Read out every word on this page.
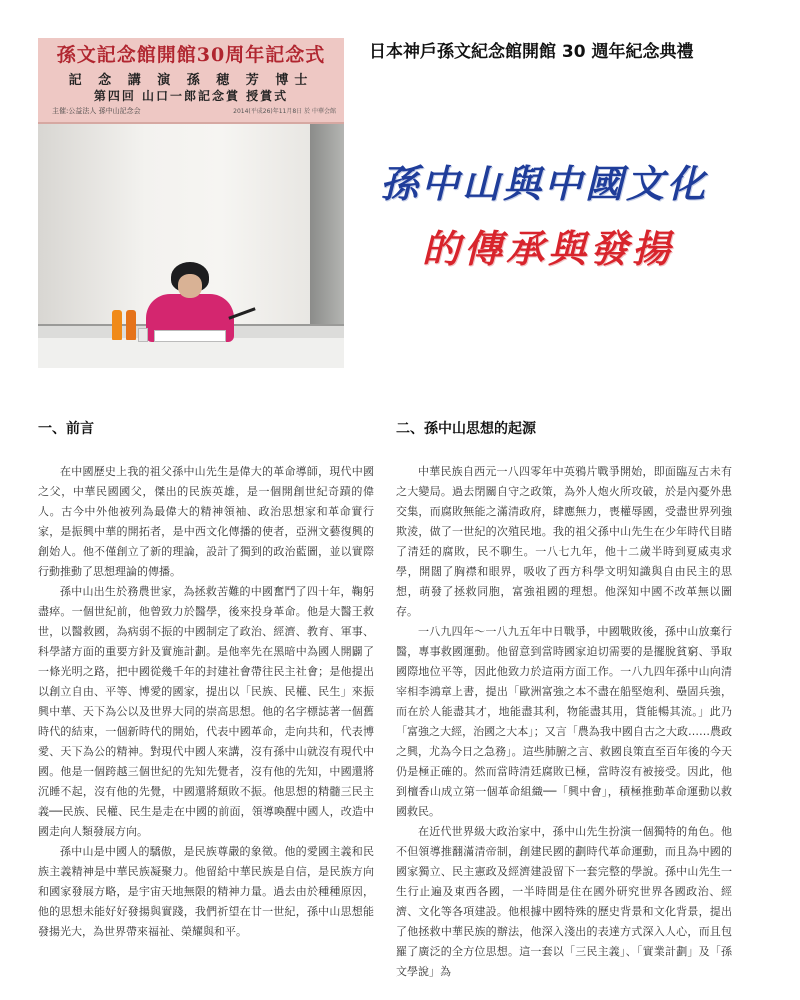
孫文記念館開館30周年記念式
記 念 講 演 孫 穂 芳 博士
第四回 山口一郎記念賞 授賞式
主催:公益法人 孫中山記念会	2014(平成26)年11月8日 於 中華会館
日本神戶孫文紀念館開館 30 週年紀念典禮
孫中山與中國文化
的傳承與發揚
一、前言

在中國歷史上我的祖父孫中山先生是偉大的革命導師，現代中國之父，中華民國國父，傑出的民族英雄，是一個開創世紀奇蹟的偉人。古今中外他被列為最偉大的精神領袖、政治思想家和革命實行家，是振興中華的開拓者，是中西文化傳播的使者，亞洲文藝復興的創始人。他不僅創立了新的理論，設計了獨到的政治藍圖，並以實際行動推動了思想理論的傳播。

孫中山出生於務農世家，為拯救苦難的中國奮鬥了四十年，鞠躬盡瘁。一個世紀前，他曾致力於醫學，後來投身革命。他是大醫王救世，以醫救國，為病弱不振的中國制定了政治、經濟、教育、軍事、科學諸方面的重要方針及實施計劃。是他率先在黑暗中為國人開闢了一條光明之路，把中國從幾千年的封建社會帶往民主社會；是他提出以創立自由、平等、博愛的國家，提出以「民族、民權、民生」來振興中華、天下為公以及世界大同的崇高思想。他的名字標誌著一個舊時代的結束，一個新時代的開始，代表中國革命，走向共和，代表博愛、天下為公的精神。對現代中國人來講，沒有孫中山就沒有現代中國。他是一個跨越三個世紀的先知先覺者，沒有他的先知，中國還將沉睡不起，沒有他的先覺，中國還將頹敗不振。他思想的精髓三民主義──民族、民權、民生是走在中國的前面，領導喚醒中國人，改造中國走向人類發展方向。

孫中山是中國人的驕傲，是民族尊嚴的象徵。他的愛國主義和民族主義精神是中華民族凝聚力。他留給中華民族是自信，是民族方向和國家發展方略，是宇宙天地無限的精神力量。過去由於種種原因，他的思想未能好好發揚與實踐，我們祈望在廿一世紀，孫中山思想能發揚光大，為世界帶來福祉、榮耀與和平。

二、孫中山思想的起源

中華民族自西元一八四零年中英鴉片戰爭開始，即面臨亙古未有之大變局。過去閉關自守之政策，為外人炮火所攻破，於是內憂外患交集，而腐敗無能之滿清政府，肆應無力，喪權辱國，受盡世界列強欺淩，做了一世紀的次殖民地。我的祖父孫中山先生在少年時代目睹了清廷的腐敗，民不聊生。一八七九年，他十二歲半時到夏威夷求學，開闊了胸襟和眼界，吸收了西方科學文明知識與自由民主的思想，萌發了拯救同胞，富強祖國的理想。他深知中國不改革無以圖存。

一八九四年～一八九五年中日戰爭，中國戰敗後，孫中山放棄行醫，專事救國運動。他留意到當時國家迫切需要的是擺脫貧窮、爭取國際地位平等，因此他致力於這兩方面工作。一八九四年孫中山向清宰相李鴻章上書，提出「歐洲富強之本不盡在船堅炮利、壘固兵強，而在於人能盡其才，地能盡其利，物能盡其用，貨能暢其流。」此乃「富強之大經，治國之大本」；又言「農為我中國自古之大政……農政之興，尤為今日之急務」。這些肺腑之言、救國良策直至百年後的今天仍是極正確的。然而當時清廷腐敗已極，當時沒有被接受。因此，他到檀香山成立第一個革命組織──「興中會」，積極推動革命運動以救國救民。

在近代世界級大政治家中，孫中山先生扮演一個獨特的角色。他不但領導推翻滿清帝制，創建民國的劃時代革命運動，而且為中國的國家獨立、民主憲政及經濟建設留下一套完整的學說。孫中山先生一生行止遍及東西各國，一半時間是住在國外研究世界各國政治、經濟、文化等各項建設。他根據中國特殊的歷史背景和文化背景，提出了他拯救中華民族的辦法，他深入淺出的表達方式深入人心，而且包羅了廣泛的全方位思想。這一套以「三民主義」、「實業計劃」及「孫文學說」為
